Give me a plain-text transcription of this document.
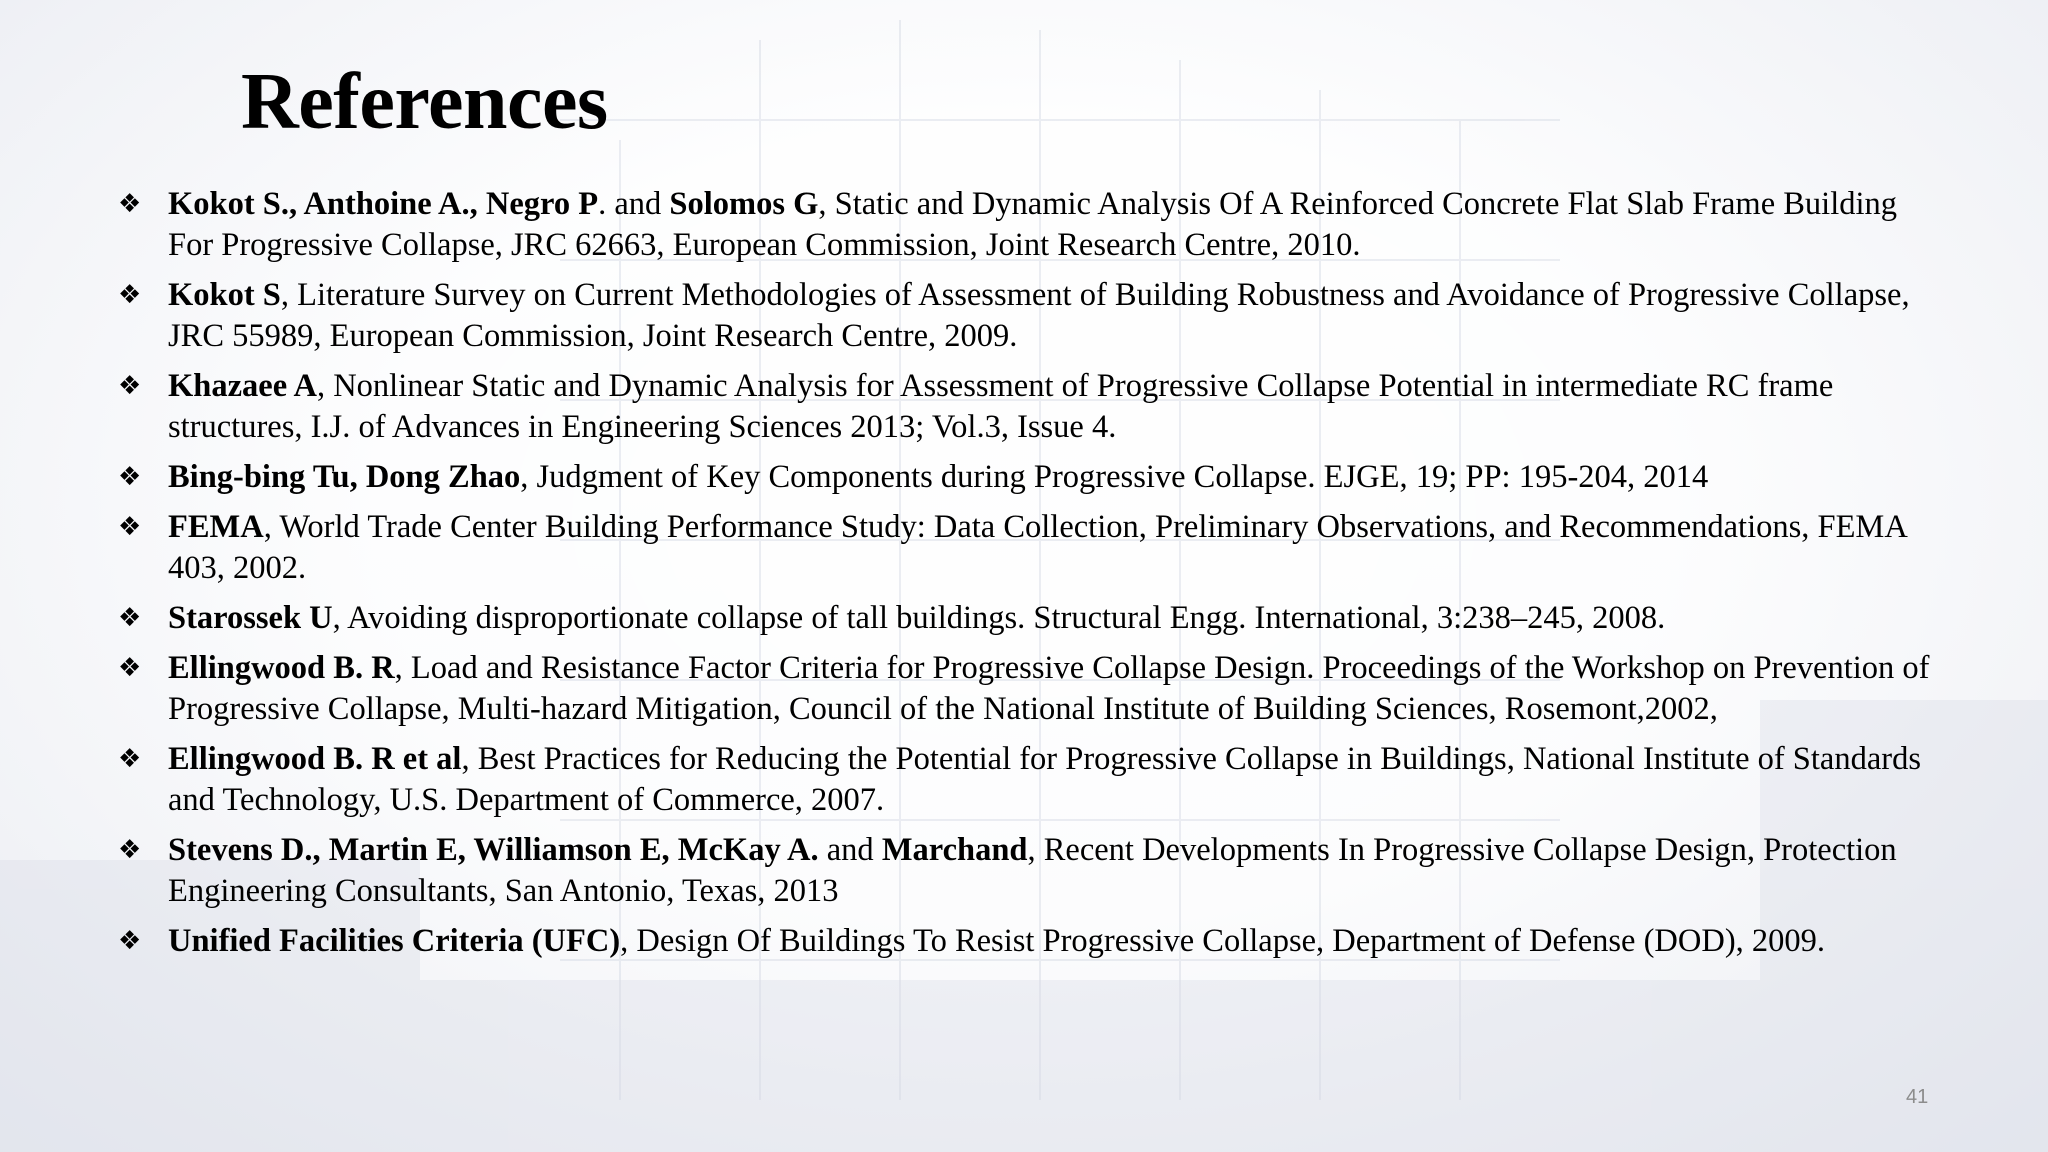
References
❖ Kokot S., Anthoine A., Negro P. and Solomos G, Static and Dynamic Analysis Of A Reinforced Concrete Flat Slab Frame Building For Progressive Collapse, JRC 62663, European Commission, Joint Research Centre, 2010.
❖ Kokot S, Literature Survey on Current Methodologies of Assessment of Building Robustness and Avoidance of Progressive Collapse, JRC 55989, European Commission, Joint Research Centre, 2009.
❖ Khazaee A, Nonlinear Static and Dynamic Analysis for Assessment of Progressive Collapse Potential in intermediate RC frame structures, I.J. of Advances in Engineering Sciences 2013; Vol.3, Issue 4.
❖ Bing-bing Tu, Dong Zhao, Judgment of Key Components during Progressive Collapse. EJGE, 19; PP: 195-204, 2014
❖ FEMA, World Trade Center Building Performance Study: Data Collection, Preliminary Observations, and Recommendations, FEMA 403, 2002.
❖ Starossek U, Avoiding disproportionate collapse of tall buildings. Structural Engg. International, 3:238–245, 2008.
❖ Ellingwood B. R, Load and Resistance Factor Criteria for Progressive Collapse Design. Proceedings of the Workshop on Prevention of Progressive Collapse, Multi-hazard Mitigation, Council of the National Institute of Building Sciences, Rosemont,2002,
❖ Ellingwood B. R et al, Best Practices for Reducing the Potential for Progressive Collapse in Buildings, National Institute of Standards and Technology, U.S. Department of Commerce, 2007.
❖ Stevens D., Martin E, Williamson E, McKay A. and Marchand, Recent Developments In Progressive Collapse Design, Protection Engineering Consultants, San Antonio, Texas, 2013
❖ Unified Facilities Criteria (UFC), Design Of Buildings To Resist Progressive Collapse, Department of Defense (DOD), 2009.
41
